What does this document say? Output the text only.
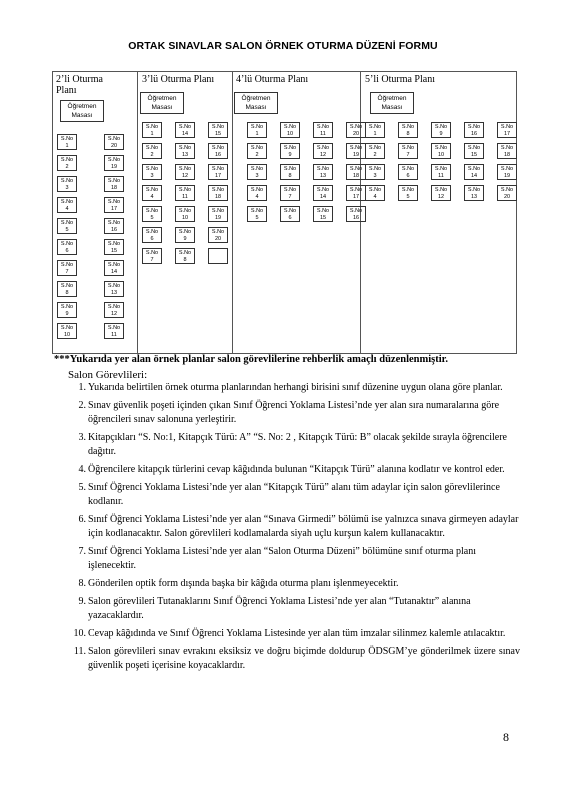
ORTAK SINAVLAR SALON ÖRNEK OTURMA DÜZENİ FORMU
2’li Oturma
Planı
3’lü Oturma Planı 4’lü Oturma Planı	5’li Oturma Planı
Öğretmen
Masası
Öğretmen
Masası
Öğretmen
Masası
Öğretmen
Masası
S.No
1
S.No
2
S.No
3
S.No
4
S.No
5
S.No
6
S.No
7
S.No
8
S.No
9
S.No
10
S.No
20
S.No
19
S.No
18
S.No
17
S.No
16
S.No
15
S.No
14
S.No
13
S.No
12
S.No
11
S.No
1
S.No
2
S.No
3
S.No
4
S.No
5
S.No
6
S.No
7
S.No
14
S.No
13
S.No
12
S.No
11
S.No
10
S.No
9
S.No
8
S.No
15
S.No
16
S.No
17
S.No
18
S.No
19
S.No
20
S.No
1
S.No
2
S.No
3
S.No
4
S.No
5
S.No
10
S.No
9
S.No
8
S.No
7
S.No
6
S.No
11
S.No
12
S.No
13
S.No
14
S.No
15
S.No
20
S.No
19
S.No
18
S.No
17
S.No
16
S.No
1
S.No
2
S.No
3
S.No
4
S.No
8
S.No
7
S.No
6
S.No
5
S.No
9
S.No
10
S.No
11
S.No
12
S.No
16
S.No
15
S.No
14
S.No
13
S.No
17
S.No
18
S.No
19
S.No
20
***Yukarıda yer alan örnek planlar salon görevlilerine rehberlik amaçlı düzenlenmiştir.
Salon Görevlileri:
1. Yukarıda belirtilen örnek oturma planlarından herhangi birisini sınıf düzenine uygun olana göre planlar.
2. Sınav güvenlik poşeti içinden çıkan Sınıf Öğrenci Yoklama Listesi’nde yer alan sıra numaralarına göre öğrencileri sınav salonuna yerleştirir.
3. Kitapçıkları “S. No:1, Kitapçık Türü: A” “S. No: 2 , Kitapçık Türü: B” olacak şekilde sırayla öğrencilere dağıtır.
4. Öğrencilere kitapçık türlerini cevap kâğıdında bulunan “Kitapçık Türü” alanına kodlatır ve kontrol eder.
5. Sınıf Öğrenci Yoklama Listesi’nde yer alan “Kitapçık Türü” alanı tüm adaylar için salon görevlilerince kodlanır.
6. Sınıf Öğrenci Yoklama Listesi’nde yer alan “Sınava Girmedi” bölümü ise yalnızca sınava girmeyen adaylar için kodlanacaktır. Salon görevlileri kodlamalarda siyah uçlu kurşun kalem kullanacaktır.
7. Sınıf Öğrenci Yoklama Listesi’nde yer alan “Salon Oturma Düzeni” bölümüne sınıf oturma planı işlenecektir.
8. Gönderilen optik form dışında başka bir kâğıda oturma planı işlenmeyecektir.
9. Salon görevlileri Tutanaklarını Sınıf Öğrenci Yoklama Listesi’nde yer alan “Tutanaktır” alanına yazacaklardır.
10. Cevap kâğıdında ve Sınıf Öğrenci Yoklama Listesinde yer alan tüm imzalar silinmez kalemle atılacaktır.
11. Salon görevlileri sınav evrakını eksiksiz ve doğru biçimde doldurup ÖDSGM’ye gönderilmek üzere sınav güvenlik poşeti içerisine koyacaklardır.
8
